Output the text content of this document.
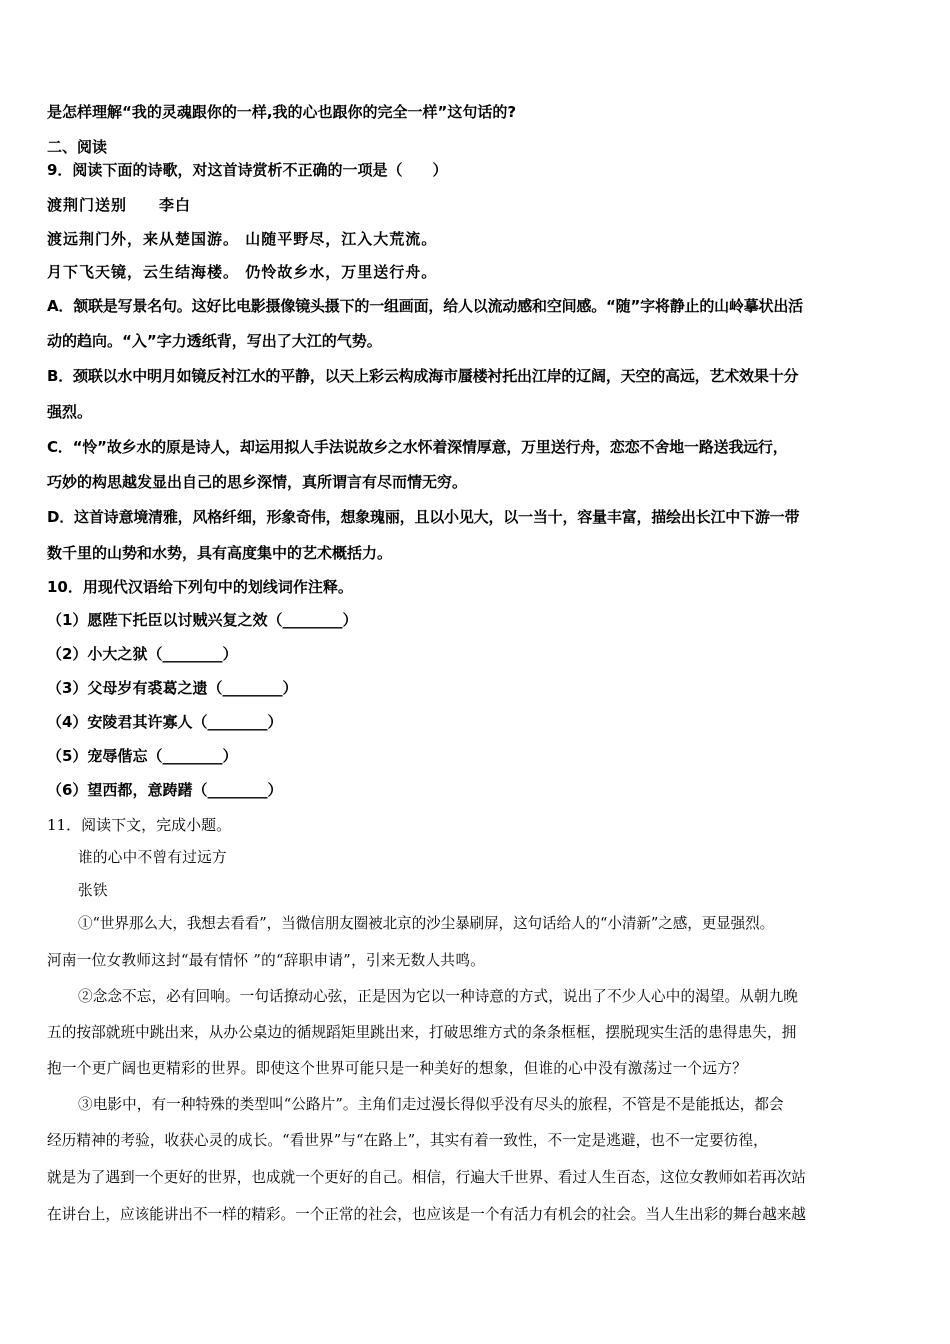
是怎样理解“我的灵魂跟你的一样,我的心也跟你的完全一样”这句话的?
二、阅读
9．阅读下面的诗歌，对这首诗赏析不正确的一项是（　　）
渡荆门送别　　李白
渡远荆门外，来从楚国游。 山随平野尽，江入大荒流。
月下飞天镜，云生结海楼。 仍怜故乡水，万里送行舟。
A．颔联是写景名句。这好比电影摄像镜头摄下的一组画面，给人以流动感和空间感。“随”字将静止的山岭摹状出活
动的趋向。“入”字力透纸背，写出了大江的气势。
B．颈联以水中明月如镜反衬江水的平静，以天上彩云构成海市蜃楼衬托出江岸的辽阔，天空的高远，艺术效果十分
强烈。
C．“怜”故乡水的原是诗人，却运用拟人手法说故乡之水怀着深情厚意，万里送行舟，恋恋不舍地一路送我远行，
巧妙的构思越发显出自己的思乡深情，真所谓言有尽而情无穷。
D．这首诗意境清雅，风格纤细，形象奇伟，想象瑰丽，且以小见大，以一当十，容量丰富，描绘出长江中下游一带
数千里的山势和水势，具有高度集中的艺术概括力。
10．用现代汉语给下列句中的划线词作注释。
（1）愿陛下托臣以讨贼兴复之效（________）
（2）小大之狱（________）
（3）父母岁有裘葛之遗（________）
（4）安陵君其许寡人（________）
（5）宠辱偕忘（________）
（6）望西都，意踌躇（________）
11．阅读下文，完成小题。
谁的心中不曾有过远方
张铁
①“世界那么大，我想去看看”，当微信朋友圈被北京的沙尘暴刷屏，这句话给人的“小清新”之感，更显强烈。
河南一位女教师这封“最有情怀 ”的“辞职申请”，引来无数人共鸣。
②念念不忘，必有回响。一句话撩动心弦，正是因为它以一种诗意的方式，说出了不少人心中的渴望。从朝九晚
五的按部就班中跳出来，从办公桌边的循规蹈矩里跳出来，打破思维方式的条条框框，摆脱现实生活的患得患失，拥
抱一个更广阔也更精彩的世界。即使这个世界可能只是一种美好的想象，但谁的心中没有激荡过一个远方？
③电影中，有一种特殊的类型叫“公路片”。主角们走过漫长得似乎没有尽头的旅程，不管是不是能抵达，都会
经历精神的考验，收获心灵的成长。“看世界”与“在路上”，其实有着一致性，不一定是逃避，也不一定要彷徨，
就是为了遇到一个更好的世界，也成就一个更好的自己。相信，行遍大千世界、看过人生百态，这位女教师如若再次站
在讲台上，应该能讲出不一样的精彩。一个正常的社会，也应该是一个有活力有机会的社会。当人生出彩的舞台越来越
